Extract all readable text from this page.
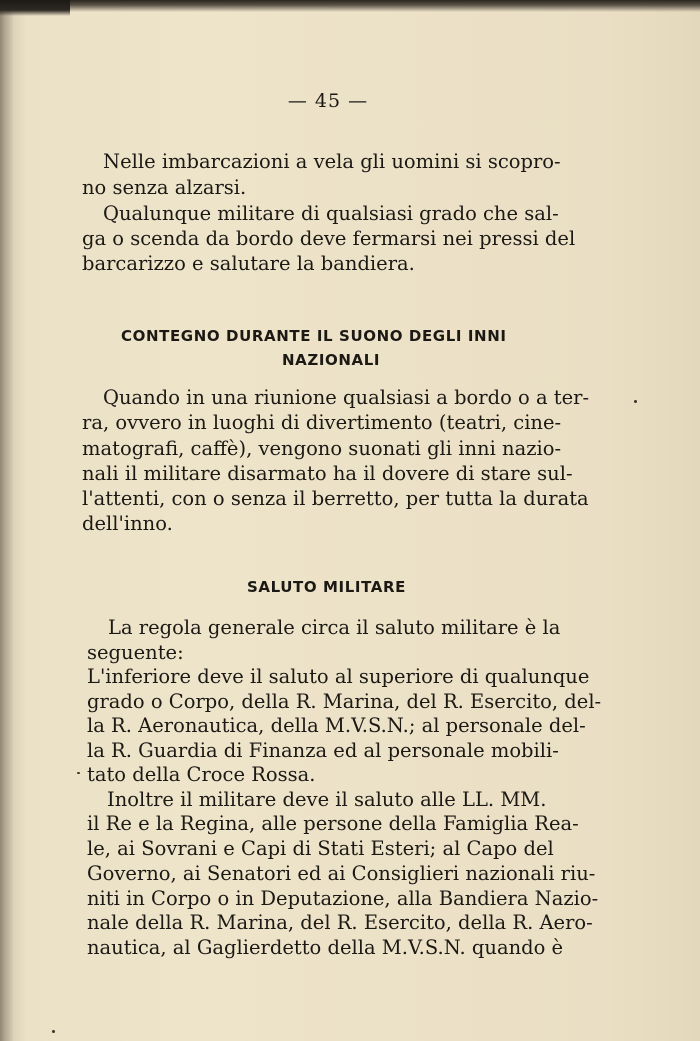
— 45 —
Nelle imbarcazioni a vela gli uomini si scopro-
no senza alzarsi.
Qualunque militare di qualsiasi grado che sal-
ga o scenda da bordo deve fermarsi nei pressi del
barcarizzo e salutare la bandiera.
CONTEGNO DURANTE IL SUONO DEGLI INNI
NAZIONALI
Quando in una riunione qualsiasi a bordo o a ter-
ra, ovvero in luoghi di divertimento (teatri, cine-
matografi, caffè), vengono suonati gli inni nazio-
nali il militare disarmato ha il dovere di stare sul-
l'attenti, con o senza il berretto, per tutta la durata
dell'inno.
SALUTO MILITARE
La regola generale circa il saluto militare è la
seguente:
L'inferiore deve il saluto al superiore di qualunque
grado o Corpo, della R. Marina, del R. Esercito, del-
la R. Aeronautica, della M.V.S.N.; al personale del-
la R. Guardia di Finanza ed al personale mobili-
tato della Croce Rossa.
Inoltre il militare deve il saluto alle LL. MM.
il Re e la Regina, alle persone della Famiglia Rea-
le, ai Sovrani e Capi di Stati Esteri; al Capo del
Governo, ai Senatori ed ai Consiglieri nazionali riu-
niti in Corpo o in Deputazione, alla Bandiera Nazio-
nale della R. Marina, del R. Esercito, della R. Aero-
nautica, al Gaglierdetto della M.V.S.N. quando è
